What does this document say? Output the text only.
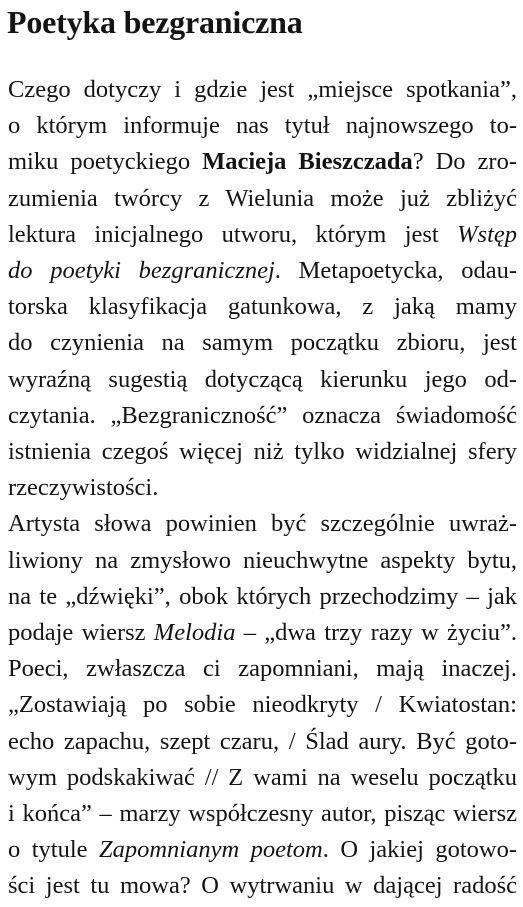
Poetyka bezgraniczna
Czego dotyczy i gdzie jest „miejsce spotkania”,
o którym informuje nas tytuł najnowszego to-
miku poetyckiego Macieja Bieszczada? Do zro-
zumienia twórcy z Wielunia może już zbliżyć
lektura inicjalnego utworu, którym jest Wstęp
do poetyki bezgranicznej. Metapoetycka, odau-
torska klasyfikacja gatunkowa, z jaką mamy
do czynienia na samym początku zbioru, jest
wyraźną sugestią dotyczącą kierunku jego od-
czytania. „Bezgraniczność” oznacza świadomość
istnienia czegoś więcej niż tylko widzialnej sfery
rzeczywistości.
Artysta słowa powinien być szczególnie uwraż-
liwiony na zmysłowo nieuchwytne aspekty bytu,
na te „dźwięki”, obok których przechodzimy – jak
podaje wiersz Melodia – „dwa trzy razy w życiu”.
Poeci, zwłaszcza ci zapomniani, mają inaczej.
„Zostawiają po sobie nieodkryty / Kwiatostan:
echo zapachu, szept czaru, / Ślad aury. Być goto-
wym podskakiwać // Z wami na weselu początku
i końca” – marzy współczesny autor, pisząc wiersz
o tytule Zapomnianym poetom. O jakiej gotowo-
ści jest tu mowa? O wytrwaniu w dającej radość
